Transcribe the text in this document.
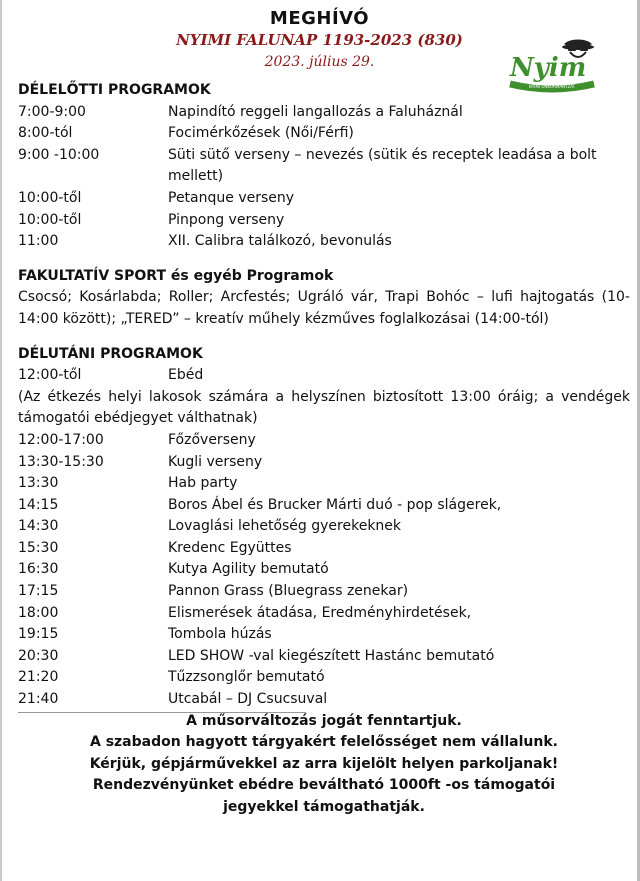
MEGHÍVÓ
NYIMI FALUNAP 1193-2023 (830)
2023. július 29.	Nyim
NYIMI ÖNKORMÁNYZAT
DÉLELŐTTI PROGRAMOK
7:00-9:00	Napindító reggeli langallozás a Faluháznál
8:00-tól	Focimérkőzések (Női/Férfi)
9:00 -10:00	Süti sütő verseny – nevezés (sütik és receptek leadása a bolt mellett)
10:00-től	Petanque verseny
10:00-től	Pinpong verseny
11:00	XII. Calibra találkozó, bevonulás
FAKULTATÍV SPORT és egyéb Programok
Csocsó; Kosárlabda; Roller; Arcfestés; Ugráló vár, Trapi Bohóc – lufi hajtogatás (10-14:00 között); „TERED” – kreatív műhely kézműves foglalkozásai (14:00-tól)
DÉLUTÁNI PROGRAMOK
12:00-től	Ebéd
(Az étkezés helyi lakosok számára a helyszínen biztosított 13:00 óráig; a vendégek támogatói ebédjegyet válthatnak)
12:00-17:00	Főzőverseny
13:30-15:30	Kugli verseny
13:30	Hab party
14:15	Boros Ábel és Brucker Márti duó - pop slágerek,
14:30	Lovaglási lehetőség gyerekeknek
15:30	Kredenc Együttes
16:30	Kutya Agility bemutató
17:15	Pannon Grass (Bluegrass zenekar)
18:00	Elismerések átadása, Eredményhirdetések,
19:15	Tombola húzás
20:30	LED SHOW -val kiegészített Hastánc bemutató
21:20	Tűzzsonglőr bemutató
21:40	Utcabál – DJ Csucsuval
A műsorváltozás jogát fenntartjuk.
A szabadon hagyott tárgyakért felelősséget nem vállalunk.
Kérjük, gépjárművekkel az arra kijelölt helyen parkoljanak!
Rendezvényünket ebédre beváltható 1000ft -os támogatói jegyekkel támogathatják.
